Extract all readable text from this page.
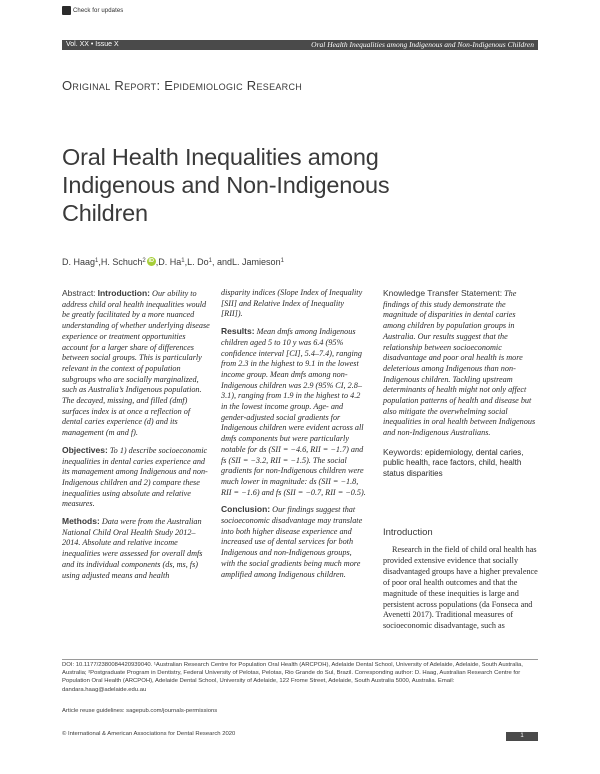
Check for updates
Vol. XX • Issue X	Oral Health Inequalities among Indigenous and Non-Indigenous Children
Original Report: Epidemiologic Research
Oral Health Inequalities among Indigenous and Non-Indigenous Children
D. Haag$^1$ , H. Schuch$^2$ iD , D. Ha$^1$ , L. Do$^1$ , and L. Jamieson$^1$

Abstract: Introduction: Our ability to address child oral health inequalities would be greatly facilitated by a more nuanced understanding of whether underlying disease experience or treatment opportunities account for a larger share of differences between social groups. This is particularly relevant in the context of population subgroups who are socially marginalized, such as Australia’s Indigenous population. The decayed, missing, and filled (dmf) surfaces index is at once a reflection of dental caries experience (d) and its management (m and f).

Objectives: To 1) describe socioeconomic inequalities in dental caries experience and its management among Indigenous and non-Indigenous children and 2) compare these inequalities using absolute and relative measures.

Methods: Data were from the Australian National Child Oral Health Study 2012–2014. Absolute and relative income inequalities were assessed for overall dmfs and its individual components (ds, ms, fs) using adjusted means and health

disparity indices (Slope Index of Inequality [SII] and Relative Index of Inequality [RII]).

Results: Mean dmfs among Indigenous children aged 5 to 10 y was 6.4 (95% confidence interval [CI], 5.4–7.4), ranging from 2.3 in the highest to 9.1 in the lowest income group. Mean dmfs among non-Indigenous children was 2.9 (95% CI, 2.8–3.1), ranging from 1.9 in the highest to 4.2 in the lowest income group. Age- and gender-adjusted social gradients for Indigenous children were evident across all dmfs components but were particularly notable for ds (SII = −4.6, RII = −1.7) and fs (SII = −3.2, RII = −1.5). The social gradients for non-Indigenous children were much lower in magnitude: ds (SII = −1.8, RII = −1.6) and fs (SII = −0.7, RII = −0.5).

Conclusion: Our findings suggest that socioeconomic disadvantage may translate into both higher disease experience and increased use of dental services for both Indigenous and non-Indigenous groups, with the social gradients being much more amplified among Indigenous children.

Knowledge Transfer Statement: The findings of this study demonstrate the magnitude of disparities in dental caries among children by population groups in Australia. Our results suggest that the relationship between socioeconomic disadvantage and poor oral health is more deleterious among Indigenous than non-Indigenous children. Tackling upstream determinants of health might not only affect population patterns of health and disease but also mitigate the overwhelming social inequalities in oral health between Indigenous and non-Indigenous Australians.

Keywords: epidemiology, dental caries, public health, race factors, child, health status disparities
Introduction

Research in the field of child oral health has provided extensive evidence that socially disadvantaged groups have a higher prevalence of poor oral health outcomes and that the magnitude of these inequities is large and persistent across populations (da Fonseca and Avenetti 2017). Traditional measures of socioeconomic disadvantage, such as

DOI: 10.1177/2380084420939040. ¹Australian Research Centre for Population Oral Health (ARCPOH), Adelaide Dental School, University of Adelaide, Adelaide, South Australia, Australia; ²Postgraduate Program in Dentistry, Federal University of Pelotas, Pelotas, Rio Grande do Sul, Brazil. Corresponding author: D. Haag, Australian Research Centre for Population Oral Health (ARCPOH), Adelaide Dental School, University of Adelaide, 122 Frome Street, Adelaide, South Australia 5000, Australia. Email: dandara.haag@adelaide.edu.au
Article reuse guidelines: sagepub.com/journals-permissions
© International & American Associations for Dental Research 2020	1
